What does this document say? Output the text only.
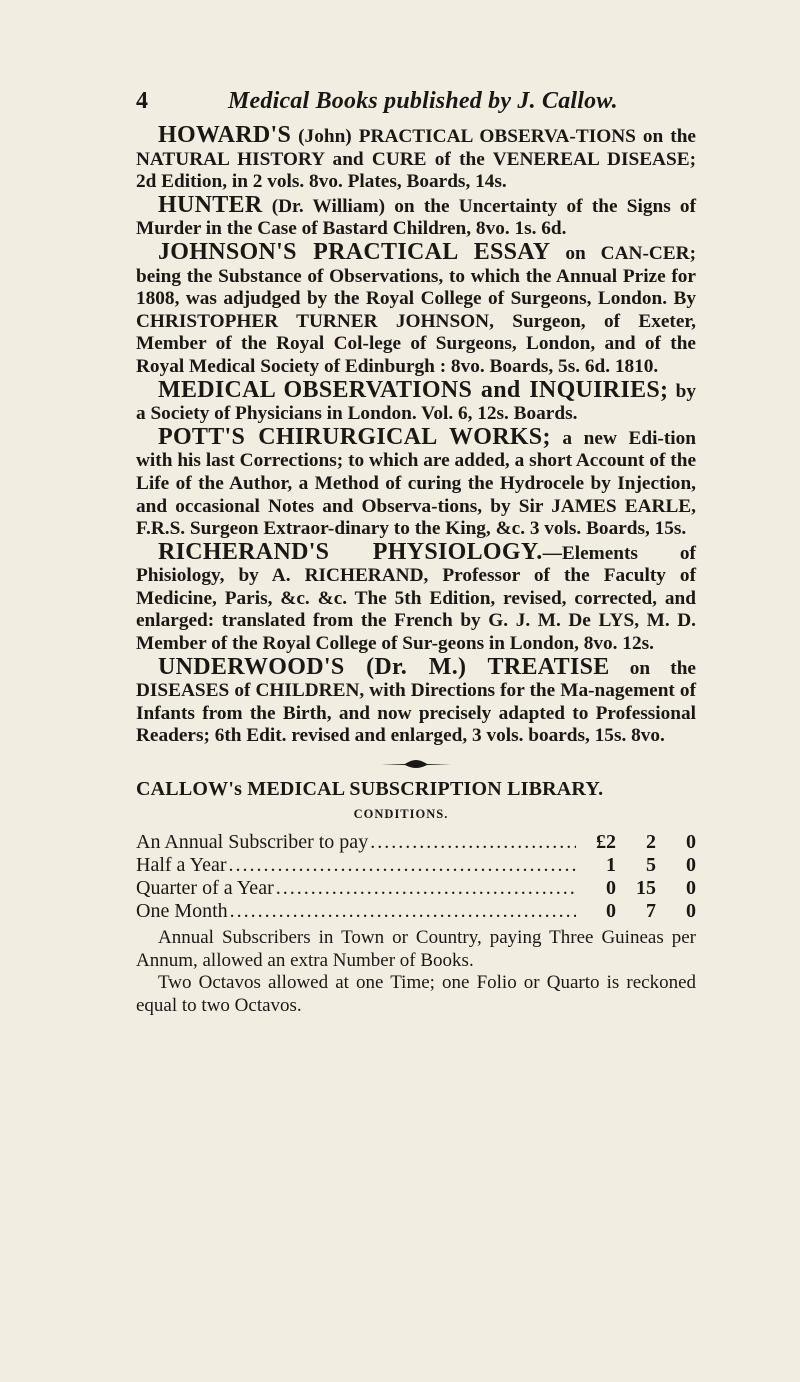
4	Medical Books published by J. Callow.

HOWARD'S (John) PRACTICAL OBSERVA-TIONS on the NATURAL HISTORY and CURE of the VENEREAL DISEASE; 2d Edition, in 2 vols. 8vo. Plates, Boards, 14s.

HUNTER (Dr. William) on the Uncertainty of the Signs of Murder in the Case of Bastard Children, 8vo. 1s. 6d.

JOHNSON'S PRACTICAL ESSAY on CAN-CER; being the Substance of Observations, to which the Annual Prize for 1808, was adjudged by the Royal College of Surgeons, London. By CHRISTOPHER TURNER JOHNSON, Surgeon, of Exeter, Member of the Royal Col-lege of Surgeons, London, and of the Royal Medical Society of Edinburgh : 8vo. Boards, 5s. 6d. 1810.

MEDICAL OBSERVATIONS and INQUIRIES; by a Society of Physicians in London. Vol. 6, 12s. Boards.

POTT'S CHIRURGICAL WORKS; a new Edi-tion with his last Corrections; to which are added, a short Account of the Life of the Author, a Method of curing the Hydrocele by Injection, and occasional Notes and Observa-tions, by Sir JAMES EARLE, F.R.S. Surgeon Extraor-dinary to the King, &c. 3 vols. Boards, 15s.

RICHERAND'S PHYSIOLOGY.—Elements of Phisiology, by A. RICHERAND, Professor of the Faculty of Medicine, Paris, &c. &c. The 5th Edition, revised, corrected, and enlarged: translated from the French by G. J. M. De LYS, M. D. Member of the Royal College of Sur-geons in London, 8vo. 12s.

UNDERWOOD'S (Dr. M.) TREATISE on the DISEASES of CHILDREN, with Directions for the Ma-nagement of Infants from the Birth, and now precisely adapted to Professional Readers; 6th Edit. revised and enlarged, 3 vols. boards, 15s. 8vo.

CALLOW's MEDICAL SUBSCRIPTION LIBRARY.
CONDITIONS.
An Annual Subscriber to pay .....	£2	2	0
Half a Year .....	1	5	0
Quarter of a Year .....	0	15	0
One Month .....	0	7	0

Annual Subscribers in Town or Country, paying Three Guineas per Annum, allowed an extra Number of Books.

Two Octavos allowed at one Time; one Folio or Quarto is reckoned equal to two Octavos.
